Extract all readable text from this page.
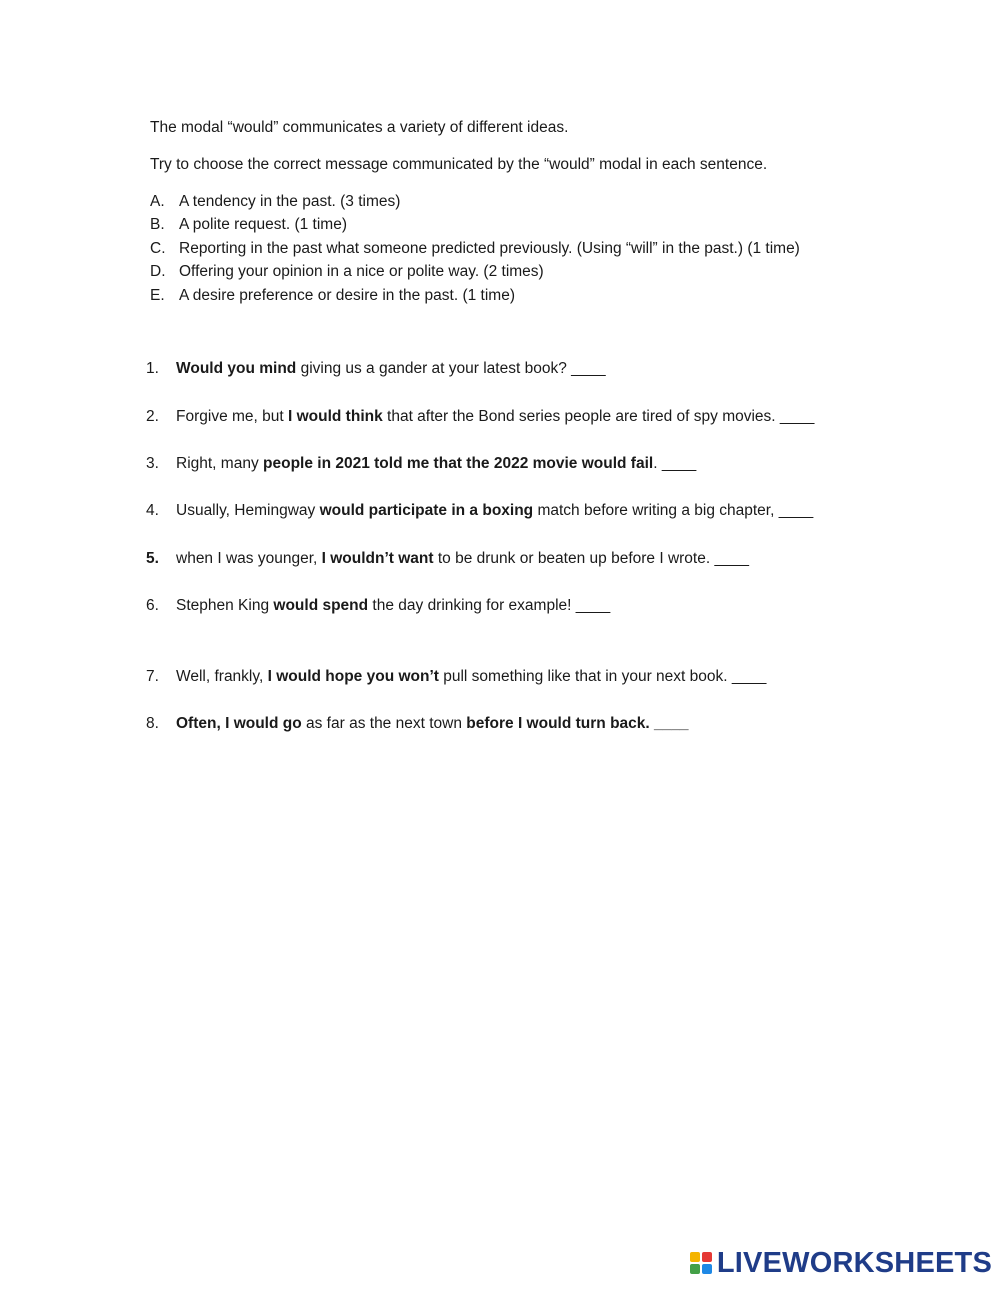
The modal “would” communicates a variety of different ideas.
Try to choose the correct message communicated by the “would” modal in each sentence.
A. A tendency in the past. (3 times)
B. A polite request. (1 time)
C. Reporting in the past what someone predicted previously. (Using “will” in the past.) (1 time)
D. Offering your opinion in a nice or polite way. (2 times)
E. A desire preference or desire in the past. (1 time)
1. Would you mind giving us a gander at your latest book? ____
2. Forgive me, but I would think that after the Bond series people are tired of spy movies. ____
3. Right, many people in 2021 told me that the 2022 movie would fail. ____
4. Usually, Hemingway would participate in a boxing match before writing a big chapter, ____
5. when I was younger, I wouldn’t want to be drunk or beaten up before I wrote. ____
6. Stephen King would spend the day drinking for example! ____
7. Well, frankly, I would hope you won’t pull something like that in your next book. ____
8. Often, I would go as far as the next town before I would turn back. ____
LIVEWORKSHEETS
